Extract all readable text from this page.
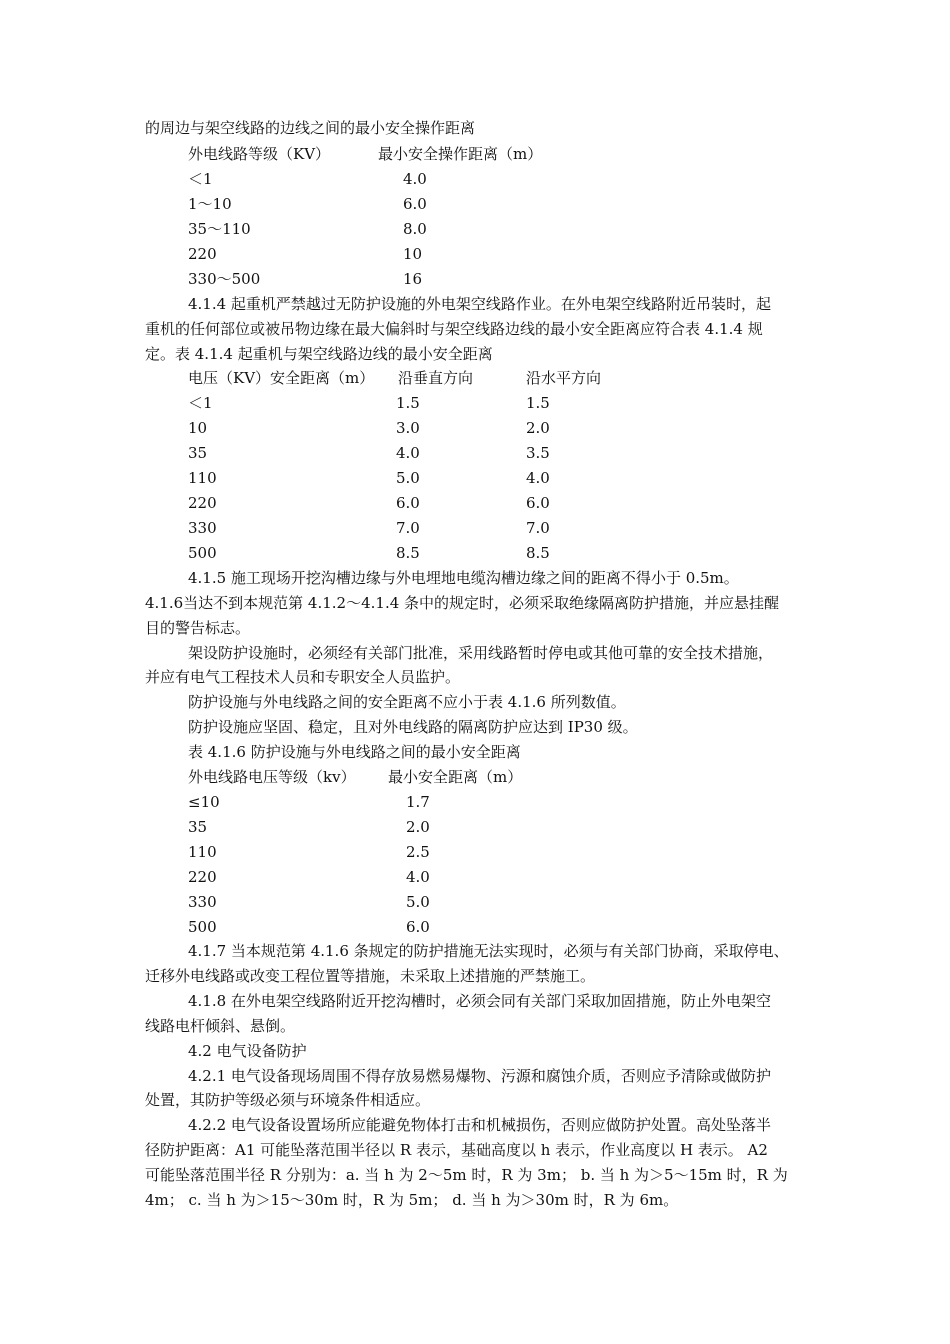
的周边与架空线路的边线之间的最小安全操作距离
外电线路等级（KV）	最小安全操作距离（m）
＜1	4.0
1～10	6.0
35～110	8.0
220	10
330～500	16
4.1.4 起重机严禁越过无防护设施的外电架空线路作业。在外电架空线路附近吊装时，起
重机的任何部位或被吊物边缘在最大偏斜时与架空线路边线的最小安全距离应符合表 4.1.4 规
定。表 4.1.4 起重机与架空线路边线的最小安全距离
电压（KV）安全距离（m） 沿垂直方向	沿水平方向
＜1	1.5	1.5
10	3.0	2.0
35	4.0	3.5
110	5.0	4.0
220	6.0	6.0
330	7.0	7.0
500	8.5	8.5
4.1.5 施工现场开挖沟槽边缘与外电埋地电缆沟槽边缘之间的距离不得小于 0.5m。
4.1.6当达不到本规范第 4.1.2～4.1.4 条中的规定时，必须采取绝缘隔离防护措施，并应悬挂醒
目的警告标志。
架设防护设施时，必须经有关部门批准，采用线路暂时停电或其他可靠的安全技术措施，
并应有电气工程技术人员和专职安全人员监护。
防护设施与外电线路之间的安全距离不应小于表 4.1.6 所列数值。
防护设施应坚固、稳定，且对外电线路的隔离防护应达到 IP30 级。
表 4.1.6 防护设施与外电线路之间的最小安全距离
外电线路电压等级（kv） 最小安全距离（m）
≤10	1.7
35	2.0
110	2.5
220	4.0
330	5.0
500	6.0
4.1.7 当本规范第 4.1.6 条规定的防护措施无法实现时，必须与有关部门协商，采取停电、
迁移外电线路或改变工程位置等措施，未采取上述措施的严禁施工。
4.1.8 在外电架空线路附近开挖沟槽时，必须会同有关部门采取加固措施，防止外电架空
线路电杆倾斜、悬倒。
4.2 电气设备防护
4.2.1 电气设备现场周围不得存放易燃易爆物、污源和腐蚀介质，否则应予清除或做防护
处置，其防护等级必须与环境条件相适应。
4.2.2 电气设备设置场所应能避免物体打击和机械损伤，否则应做防护处置。高处坠落半
径防护距离：A1 可能坠落范围半径以 R 表示，基础高度以 h 表示，作业高度以 H 表示。 A2
可能坠落范围半径 R 分别为：a. 当 h 为 2～5m 时，R 为 3m； b. 当 h 为＞5～15m 时，R 为
4m； c. 当 h 为＞15～30m 时，R 为 5m； d. 当 h 为＞30m 时，R 为 6m。
